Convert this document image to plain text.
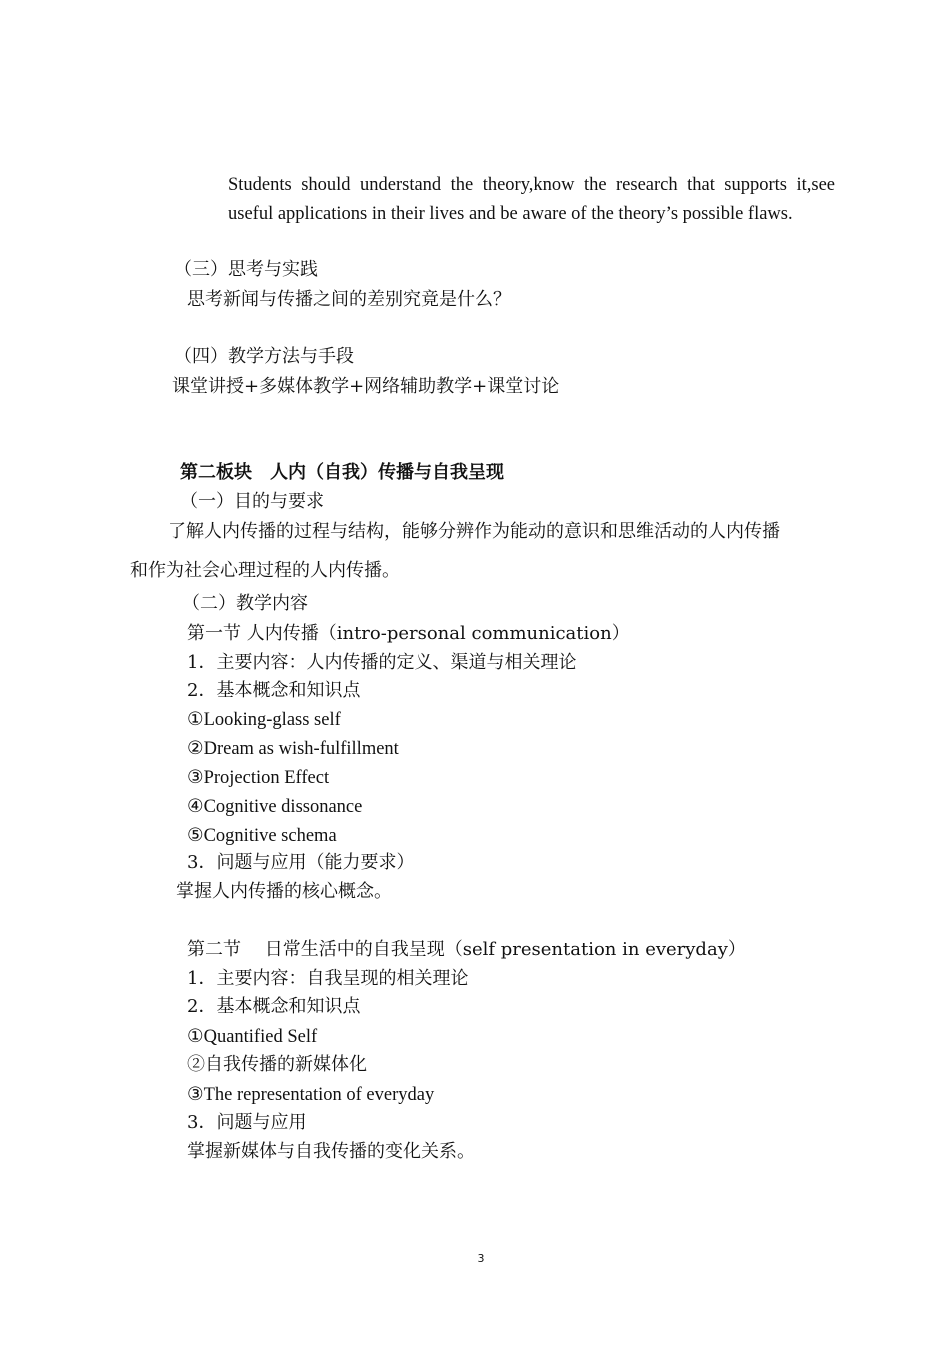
Students should understand the theory,know the research that supports it,see

useful applications in their lives and be aware of the theory’s possible flaws.

（三）思考与实践

思考新闻与传播之间的差别究竟是什么？

（四）教学方法与手段

课堂讲授+多媒体教学+网络辅助教学+课堂讨论

第二板块　人内（自我）传播与自我呈现

（一）目的与要求

了解人内传播的过程与结构，能够分辨作为能动的意识和思维活动的人内传播

和作为社会心理过程的人内传播。

（二）教学内容

第一节 人内传播（intro-personal communication）

1．主要内容：人内传播的定义、渠道与相关理论

2．基本概念和知识点

①Looking-glass self

②Dream as wish-fulfillment

③Projection Effect

④Cognitive dissonance

⑤Cognitive schema

3．问题与应用（能力要求）

掌握人内传播的核心概念。

第二节　 日常生活中的自我呈现（self presentation in everyday）

1．主要内容：自我呈现的相关理论

2．基本概念和知识点

①Quantified Self

②自我传播的新媒体化

③The representation of everyday

3．问题与应用

掌握新媒体与自我传播的变化关系。

3
